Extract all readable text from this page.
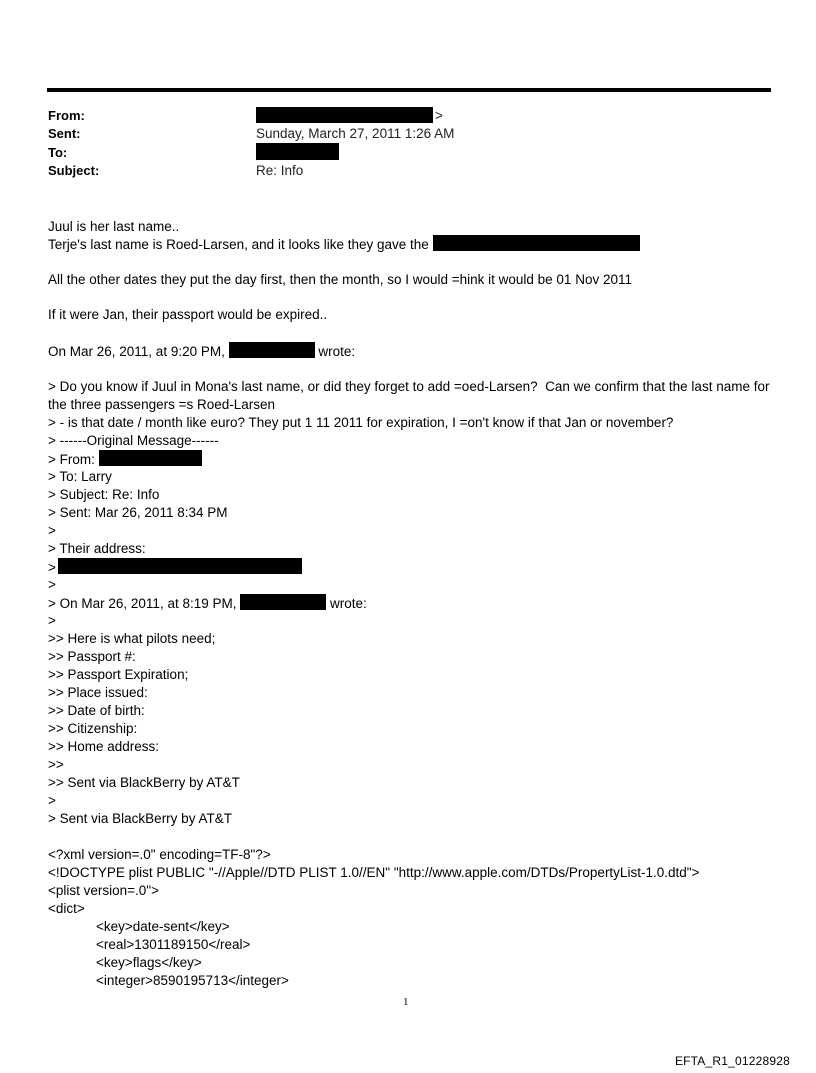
From:	>
Sent:	Sunday, March 27, 2011 1:26 AM
To:
Subject:	Re: Info
Juul is her last name..
Terje's last name is Roed-Larsen, and it looks like they gave the
All the other dates they put the day first, then the month, so I would =hink it would be 01 Nov 2011
If it were Jan, their passport would be expired..
On Mar 26, 2011, at 9:20 PM,	wrote:
> Do you know if Juul in Mona's last name, or did they forget to add =oed-Larsen?  Can we confirm that the last name for
the three passengers =s Roed-Larsen
> - is that date / month like euro? They put 1 11 2011 for expiration, I =on't know if that Jan or november?
> ------Original Message------
> From:
> To: Larry
> Subject: Re: Info
> Sent: Mar 26, 2011 8:34 PM
>
> Their address:
>
>
> On Mar 26, 2011, at 8:19 PM,	wrote:
>
>> Here is what pilots need;
>> Passport #:
>> Passport Expiration;
>> Place issued:
>> Date of birth:
>> Citizenship:
>> Home address:
>>
>> Sent via BlackBerry by AT&T
>
> Sent via BlackBerry by AT&T
<?xml version=.0" encoding=TF-8"?>
<!DOCTYPE plist PUBLIC "-//Apple//DTD PLIST 1.0//EN" "http://www.apple.com/DTDs/PropertyList-1.0.dtd">
<plist version=.0">
<dict>
<key>date-sent</key>
<real>1301189150</real>
<key>flags</key>
<integer>8590195713</integer>
1
EFTA_R1_01228928
